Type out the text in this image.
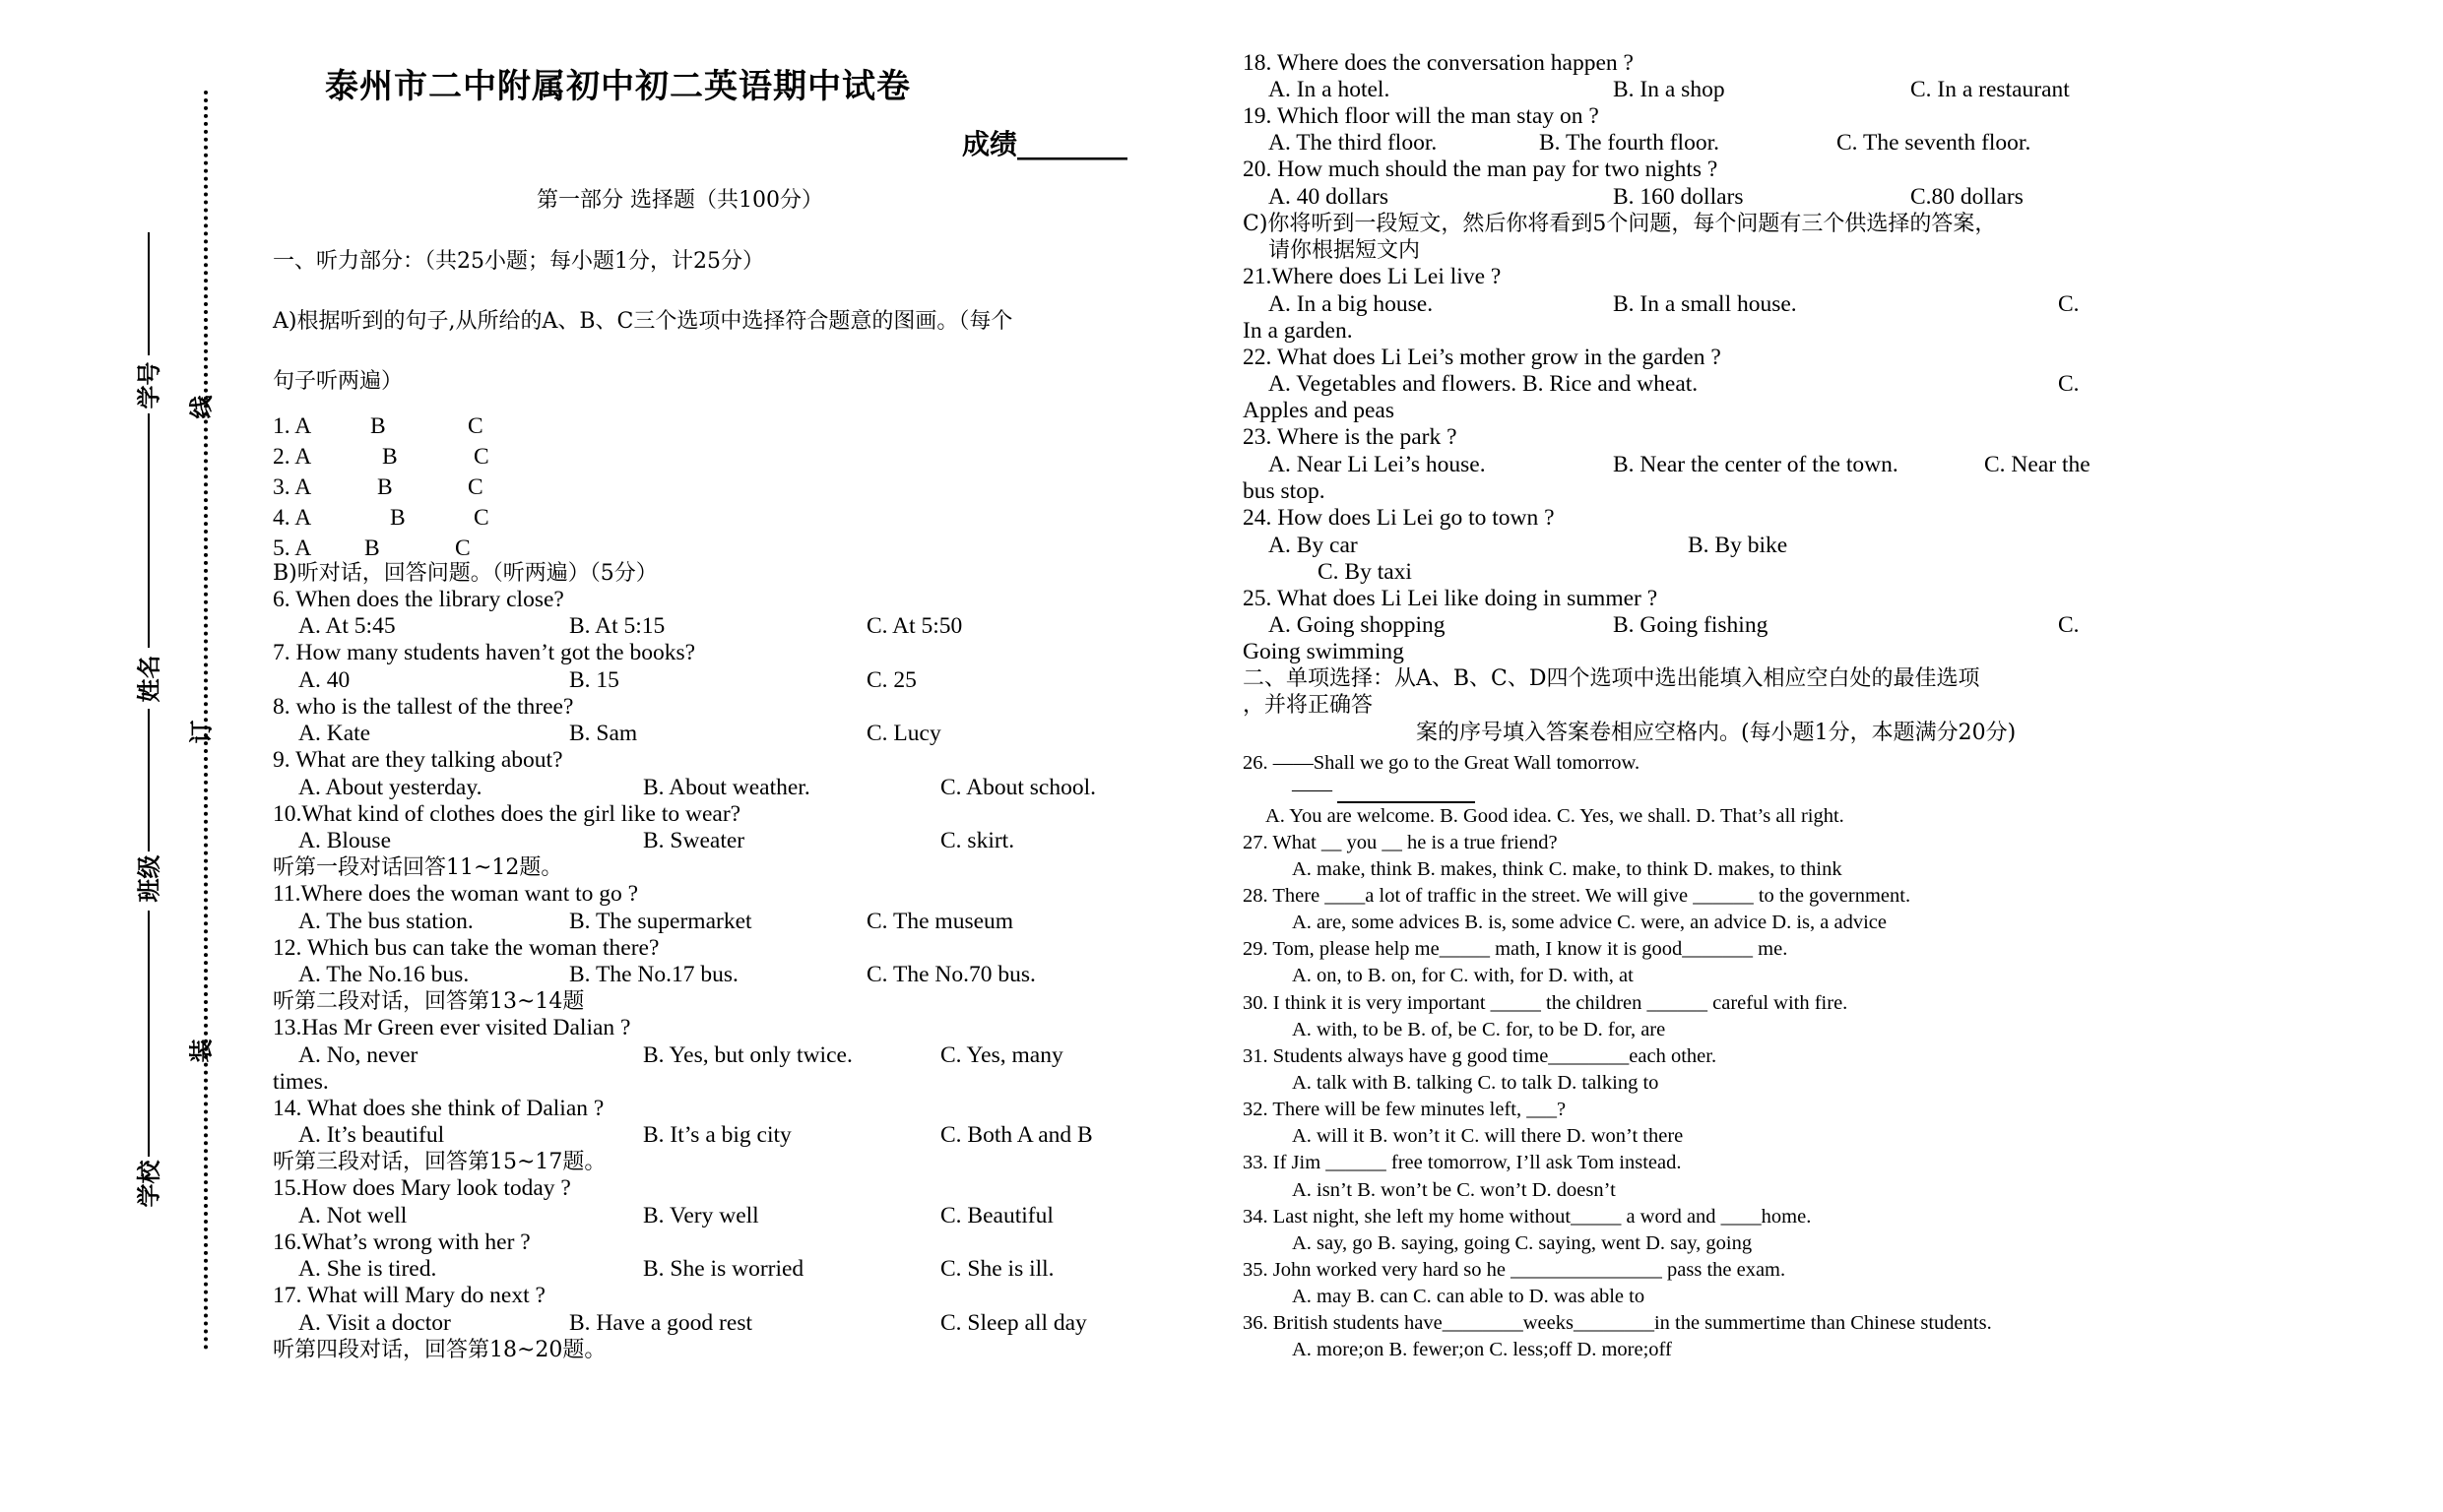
学号
姓名
班级
学校
线
订
装
泰州市二中附属初中初二英语期中试卷
成绩________
第一部分 选择题（共100分）
一、听力部分：（共25小题；每小题1分，计25分）
A)根据听到的句子,从所给的A、B、C三个选项中选择符合题意的图画。（每个
句子听两遍）
1. A	B	C
2. A	B	C
3. A	B	C
4. A	B	C
5. A B	C
B)听对话，回答问题。（听两遍）（5分）
6. When does the library close?
A. At 5:45	B. At 5:15	C. At 5:50
7. How many students haven’t got the books?
A. 40	B. 15	C. 25
8. who is the tallest of the three?
A. Kate	B. Sam	C. Lucy
9. What are they talking about?
A. About yesterday.	B. About weather.	C. About school.
10.What kind of clothes does the girl like to wear?
A. Blouse	B. Sweater	C. skirt.
听第一段对话回答11~12题。
11.Where does the woman want to go ?
A. The bus station.	B. The supermarket	C. The museum
12. Which bus can take the woman there?
A. The No.16 bus.	B. The No.17 bus.	C. The No.70 bus.
听第二段对话，回答第13~14题
13.Has Mr Green ever visited Dalian ?
A. No, never	B. Yes, but only twice.	C. Yes, many
times.
14. What does she think of Dalian ?
A. It’s beautiful	B. It’s a big city	C. Both A and B
听第三段对话，回答第15~17题。
15.How does Mary look today ?
A. Not well	B. Very well	C. Beautiful
16.What’s wrong with her ?
A. She is tired.	B. She is worried	C. She is ill.
17. What will Mary do next ?
A. Visit a doctor	B. Have a good rest	C. Sleep all day
听第四段对话，回答第18~20题。
18. Where does the conversation happen ?
A. In a hotel.	B. In a shop	C. In a restaurant
19. Which floor will the man stay on ?
A. The third floor.	B. The fourth floor.	C. The seventh floor.
20. How much should the man pay for two nights ?
A. 40 dollars	B. 160 dollars	C.80 dollars
C)你将听到一段短文，然后你将看到5个问题，每个问题有三个供选择的答案，
请你根据短文内
21.Where does Li Lei live ?
A. In a big house.	B. In a small house.	C.
In a garden.
22. What does Li Lei’s mother grow in the garden ?
A. Vegetables and flowers. B. Rice and wheat.	C.
Apples and peas
23. Where is the park ?
A. Near Li Lei’s house.	B. Near the center of the town.	C. Near the
bus stop.
24. How does Li Lei go to town ?
A. By car	B. By bike
C. By taxi
25. What does Li Lei like doing in summer ?
A. Going shopping	B. Going fishing	C.
Going swimming
二、单项选择：从A、B、C、D四个选项中选出能填入相应空白处的最佳选项
，并将正确答
案的序号填入答案卷相应空格内。(每小题1分，本题满分20分)
26. ——Shall we go to the Great Wall tomorrow.
——
A. You are welcome. B. Good idea. C. Yes, we shall. D. That’s all right.
27. What __ you __ he is a true friend?
A. make, think B. makes, think C. make, to think D. makes, to think
28. There ____a lot of traffic in the street. We will give ______ to the government.
A. are, some advices B. is, some advice C. were, an advice D. is, a advice
29. Tom, please help me_____ math, I know it is good_______ me.
A. on, to B. on, for C. with, for D. with, at
30. I think it is very important _____ the children ______ careful with fire.
A. with, to be B. of, be C. for, to be D. for, are
31. Students always have g good time________each other.
A. talk with B. talking C. to talk D. talking to
32. There will be few minutes left, ___?
A. will it B. won’t it C. will there D. won’t there
33. If Jim ______ free tomorrow, I’ll ask Tom instead.
A. isn’t B. won’t be C. won’t D. doesn’t
34. Last night, she left my home without_____ a word and ____home.
A. say, go B. saying, going C. saying, went D. say, going
35. John worked very hard so he _______________ pass the exam.
A. may B. can C. can able to D. was able to
36. British students have________weeks________in the summertime than Chinese students.
A. more;on B. fewer;on C. less;off D. more;off
